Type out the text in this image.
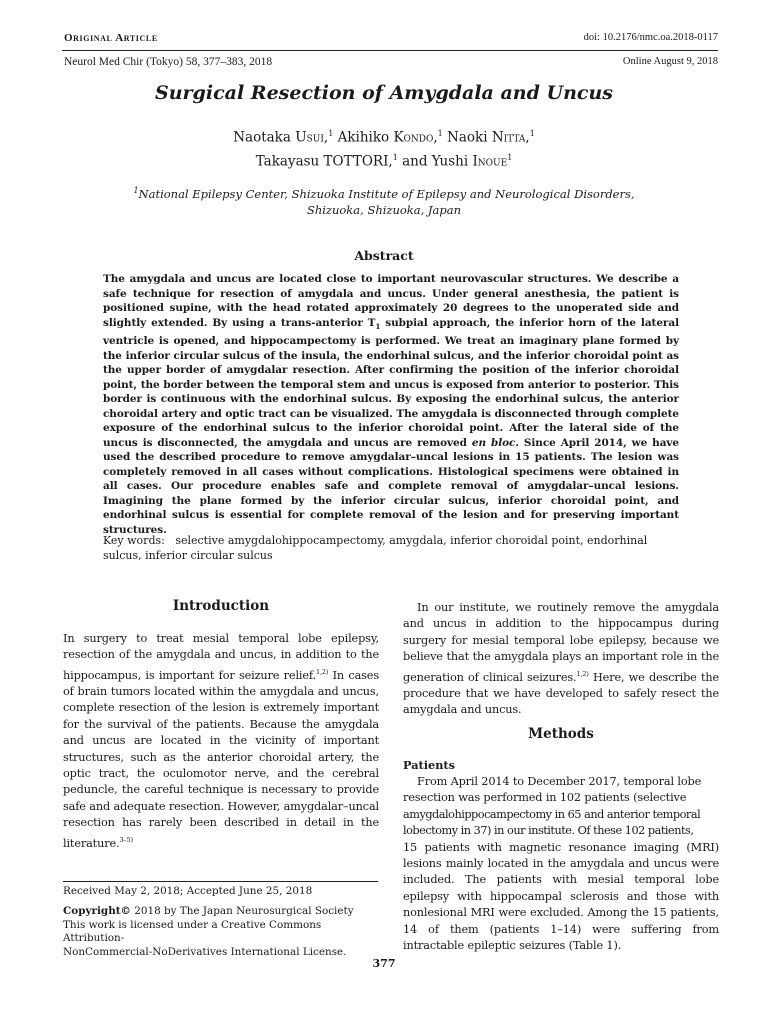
Original Article	doi: 10.2176/nmc.oa.2018-0117
Neurol Med Chir (Tokyo) 58, 377–383, 2018	Online August 9, 2018
Surgical Resection of Amygdala and Uncus
Naotaka Usui,$^1$ Akihiko Kondo,$^1$ Naoki Nitta,$^1$
Takayasu TOTTORI,$^1$ and Yushi Inoue$^1$
$^1$National Epilepsy Center, Shizuoka Institute of Epilepsy and Neurological Disorders,
Shizuoka, Shizuoka, Japan
Abstract
The amygdala and uncus are located close to important neurovascular structures. We describe a safe technique for resection of amygdala and uncus. Under general anesthesia, the patient is positioned supine, with the head rotated approximately 20 degrees to the unoperated side and slightly extended. By using a trans-anterior $T_1$ subpial approach, the inferior horn of the lateral ventricle is opened, and hippocampectomy is performed. We treat an imaginary plane formed by the inferior circular sulcus of the insula, the endorhinal sulcus, and the inferior choroidal point as the upper border of amygdalar resection. After confirming the position of the inferior choroidal point, the border between the temporal stem and uncus is exposed from anterior to posterior. This border is continuous with the endorhinal sulcus. By exposing the endorhinal sulcus, the anterior choroidal artery and optic tract can be visualized. The amygdala is disconnected through complete exposure of the endorhinal sulcus to the inferior choroidal point. After the lateral side of the uncus is disconnected, the amygdala and uncus are removed en bloc. Since April 2014, we have used the described procedure to remove amygdalar–uncal lesions in 15 patients. The lesion was completely removed in all cases without complications. Histological specimens were obtained in all cases. Our procedure enables safe and complete removal of amygdalar–uncal lesions. Imagining the plane formed by the inferior circular sulcus, inferior choroidal point, and endorhinal sulcus is essential for complete removal of the lesion and for preserving important structures.
Key words: selective amygdalohippocampectomy, amygdala, inferior choroidal point, endorhinal sulcus, inferior circular sulcus
Introduction
In surgery to treat mesial temporal lobe epilepsy, resection of the amygdala and uncus, in addition to the hippocampus, is important for seizure relief.$^{1,2)}$ In cases of brain tumors located within the amygdala and uncus, complete resection of the lesion is extremely important for the survival of the patients. Because the amygdala and uncus are located in the vicinity of important structures, such as the anterior choroidal artery, the optic tract, the oculomotor nerve, and the cerebral peduncle, the careful technique is necessary to provide safe and adequate resection. However, amygdalar–uncal resection has rarely been described in detail in the literature.$^{3-5)}$
Received May 2, 2018; Accepted June 25, 2018
Copyright© 2018 by The Japan Neurosurgical Society
This work is licensed under a Creative Commons Attribution-
NonCommercial-NoDerivatives International License.
In our institute, we routinely remove the amygdala and uncus in addition to the hippocampus during surgery for mesial temporal lobe epilepsy, because we believe that the amygdala plays an important role in the generation of clinical seizures.$^{1,2)}$ Here, we describe the procedure that we have developed to safely resect the amygdala and uncus.
Methods
Patients
From April 2014 to December 2017, temporal lobe
resection was performed in 102 patients (selective
amygdalohippocampectomy in 65 and anterior temporal
lobectomy in 37) in our institute. Of these 102 patients,
15 patients with magnetic resonance imaging (MRI) lesions mainly located in the amygdala and uncus were included. The patients with mesial temporal lobe epilepsy with hippocampal sclerosis and those with nonlesional MRI were excluded. Among the 15 patients, 14 of them (patients 1–14) were suffering from intractable epileptic seizures (Table 1).
377
